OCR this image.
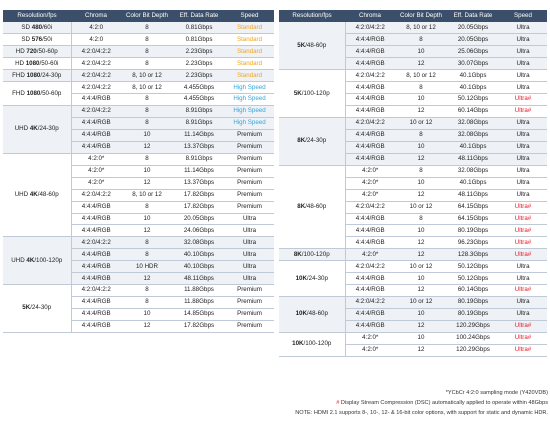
Resolution/fps	Chroma	Color Bit Depth	Eff. Data Rate	Speed
SD 480/60i	4:2:0	8	0.81Gbps	Standard
SD 576/50i	4:2:0	8	0.81Gbps	Standard
HD 720/50-60p	4:2:0/4:2:2	8	2.23Gbps	Standard
HD 1080/50-60i	4:2:0/4:2:2	8	2.23Gbps	Standard
FHD 1080/24-30p	4:2:0/4:2:2	8, 10 or 12	2.23Gbps	Standard
FHD 1080/50-60p	4:2:0/4:2:2	8, 10 or 12	4.455Gbps	High Speed
	4:4:4/RGB	8	4.455Gbps	High Speed
UHD 4K/24-30p	4:2:0/4:2:2	8	8.91Gbps	High Speed
	4:4:4/RGB	8	8.91Gbps	High Speed
	4:4:4/RGB	10	11.14Gbps	Premium
	4:4:4/RGB	12	13.37Gbps	Premium
UHD 4K/48-60p	4:2:0*	8	8.91Gbps	Premium
	4:2:0*	10	11.14Gbps	Premium
	4:2:0*	12	13.37Gbps	Premium
	4:2:0/4:2:2	8, 10 or 12	17.82Gbps	Premium
	4:4:4/RGB	8	17.82Gbps	Premium
	4:4:4/RGB	10	20.05Gbps	Ultra
	4:4:4/RGB	12	24.06Gbps	Ultra
UHD 4K/100-120p	4:2:0/4:2:2	8	32.08Gbps	Ultra
	4:4:4/RGB	8	40.10Gbps	Ultra
	4:4:4/RGB	10 HDR	40.10Gbps	Ultra
	4:4:4/RGB	12	48.11Gbps	Ultra
5K/24-30p	4:2:0/4:2:2	8	11.88Gbps	Premium
	4:4:4/RGB	8	11.88Gbps	Premium
	4:4:4/RGB	10	14.85Gbps	Premium
	4:4:4/RGB	12	17.82Gbps	Premium
Resolution/fps	Chroma	Color Bit Depth	Eff. Data Rate	Speed
5K/48-60p	4:2:0/4:2:2	8, 10 or 12	20.05Gbps	Ultra
	4:4:4/RGB	8	20.05Gbps	Ultra
	4:4:4/RGB	10	25.06Gbps	Ultra
	4:4:4/RGB	12	30.07Gbps	Ultra
5K/100-120p	4:2:0/4:2:2	8, 10 or 12	40.1Gbps	Ultra
	4:4:4/RGB	8	40.1Gbps	Ultra
	4:4:4/RGB	10	50.12Gbps	Ultra#
	4:4:4/RGB	12	60.14Gbps	Ultra#
8K/24-30p	4:2:0/4:2:2	10 or 12	32.08Gbps	Ultra
	4:4:4/RGB	8	32.08Gbps	Ultra
	4:4:4/RGB	10	40.1Gbps	Ultra
	4:4:4/RGB	12	48.11Gbps	Ultra
8K/48-60p	4:2:0*	8	32.08Gbps	Ultra
	4:2:0*	10	40.1Gbps	Ultra
	4:2:0*	12	48.11Gbps	Ultra
	4:2:0/4:2:2	10 or 12	64.15Gbps	Ultra#
	4:4:4/RGB	8	64.15Gbps	Ultra#
	4:4:4/RGB	10	80.19Gbps	Ultra#
	4:4:4/RGB	12	96.23Gbps	Ultra#
8K/100-120p	4:2:0*	12	128.3Gbps	Ultra#
10K/24-30p	4:2:0/4:2:2	10 or 12	50.12Gbps	Ultra
	4:4:4/RGB	10	50.12Gbps	Ultra
	4:4:4/RGB	12	60.14Gbps	Ultra#
10K/48-60p	4:2:0/4:2:2	10 or 12	80.19Gbps	Ultra
	4:4:4/RGB	10	80.19Gbps	Ultra
	4:4:4/RGB	12	120.29Gbps	Ultra#
10K/100-120p	4:2:0*	10	100.24Gbps	Ultra#
	4:2:0*	12	120.29Gbps	Ultra#
*YCbCr 4:2:0 sampling mode (Y420VDB)
# Display Stream Compression (DSC) automatically applied to operate within 48Gbps
NOTE: HDMI 2.1 supports 8-, 10-, 12- & 16-bit color options, with support for static and dynamic HDR.
